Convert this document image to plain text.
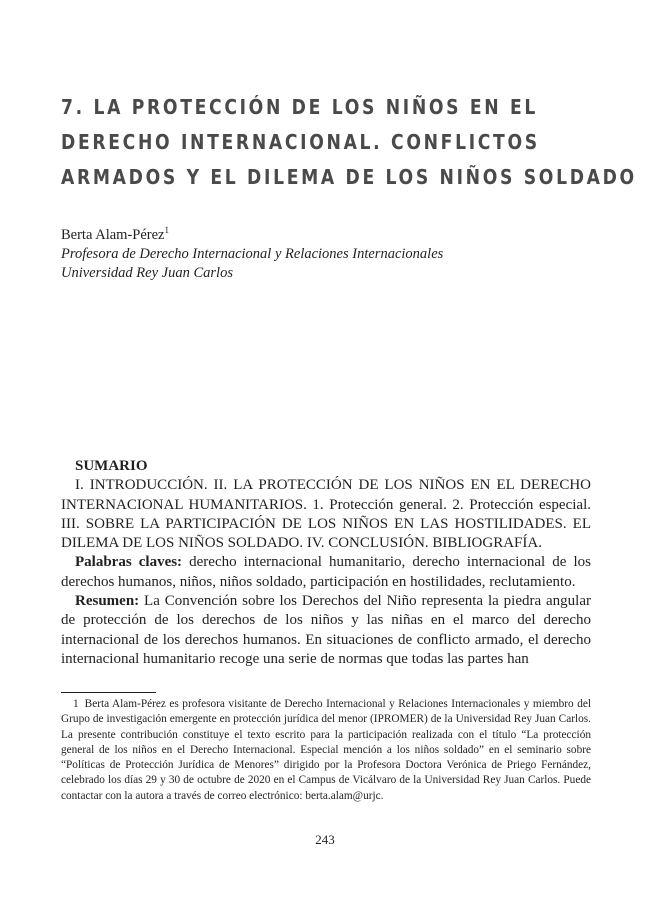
7. LA PROTECCIÓN DE LOS NIÑOS EN EL
DERECHO INTERNACIONAL. CONFLICTOS
ARMADOS Y EL DILEMA DE LOS NIÑOS SOLDADO
Berta Alam-Pérez$^1$
Profesora de Derecho Internacional y Relaciones Internacionales
Universidad Rey Juan Carlos

SUMARIO

I. INTRODUCCIÓN. II. LA PROTECCIÓN DE LOS NIÑOS EN EL DERECHO INTERNACIONAL HUMANITARIOS. 1. Protección general. 2. Protección especial. III. SOBRE LA PARTICIPACIÓN DE LOS NIÑOS EN LAS HOSTILIDADES. EL DILEMA DE LOS NIÑOS SOLDADO. IV. CONCLUSIÓN. BIBLIOGRAFÍA.

Palabras claves: derecho internacional humanitario, derecho internacional de los derechos humanos, niños, niños soldado, participación en hostilidades, reclutamiento.

Resumen: La Convención sobre los Derechos del Niño representa la piedra angular de protección de los derechos de los niños y las niñas en el marco del derecho internacional de los derechos humanos. En situaciones de conflicto armado, el derecho internacional humanitario recoge una serie de normas que todas las partes han

1 Berta Alam-Pérez es profesora visitante de Derecho Internacional y Relaciones Internacionales y miembro del Grupo de investigación emergente en protección jurídica del menor (IPROMER) de la Universidad Rey Juan Carlos. La presente contribución constituye el texto escrito para la participación realizada con el título “La protección general de los niños en el Derecho Internacional. Especial mención a los niños soldado” en el seminario sobre “Políticas de Protección Jurídica de Menores” dirigido por la Profesora Doctora Verónica de Priego Fernández, celebrado los días 29 y 30 de octubre de 2020 en el Campus de Vicálvaro de la Universidad Rey Juan Carlos. Puede contactar con la autora a través de correo electrónico: berta.alam@urjc.

243
